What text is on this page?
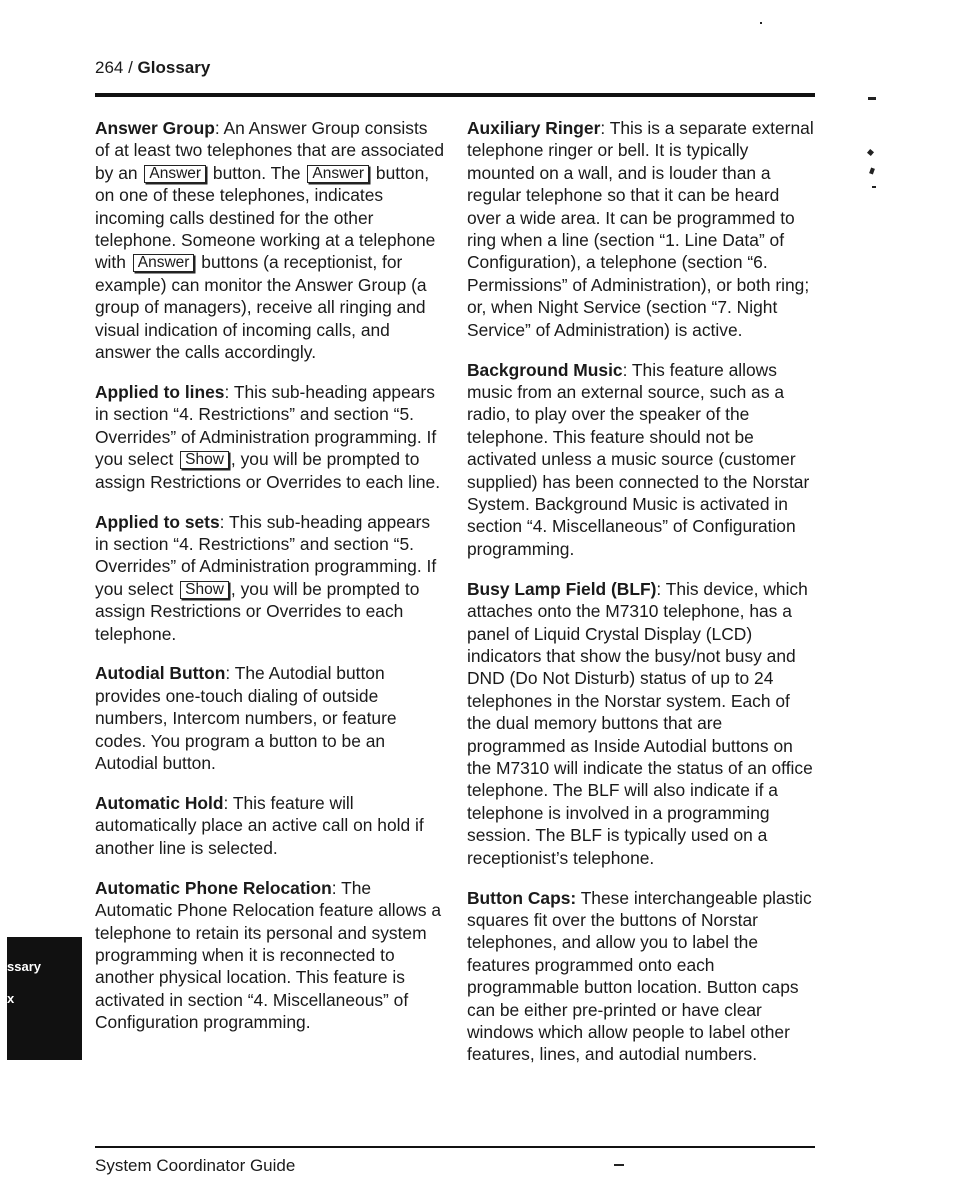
264 / Glossary

Answer Group: An Answer Group consists of at least two telephones that are associated by an Answer button. The Answer button, on one of these telephones, indicates incoming calls destined for the other telephone. Someone working at a telephone with Answer buttons (a receptionist, for example) can monitor the Answer Group (a group of managers), receive all ringing and visual indication of incoming calls, and answer the calls accordingly.

Applied to lines: This sub-heading appears in section “4. Restrictions” and section “5. Overrides” of Administration programming. If you select Show , you will be prompted to assign Restrictions or Overrides to each line.

Applied to sets: This sub-heading appears in section “4. Restrictions” and section “5. Overrides” of Administration programming. If you select Show , you will be prompted to assign Restrictions or Overrides to each telephone.

Autodial Button: The Autodial button provides one-touch dialing of outside numbers, Intercom numbers, or feature codes. You program a button to be an Autodial button.

Automatic Hold: This feature will automatically place an active call on hold if another line is selected.

Automatic Phone Relocation: The Automatic Phone Relocation feature allows a telephone to retain its personal and system programming when it is reconnected to another physical location. This feature is activated in section “4. Miscellaneous” of Configuration programming.

Auxiliary Ringer: This is a separate external telephone ringer or bell. It is typically mounted on a wall, and is louder than a regular telephone so that it can be heard over a wide area. It can be programmed to ring when a line (section “1. Line Data” of Configuration), a telephone (section “6. Permissions” of Administration), or both ring; or, when Night Service (section “7. Night Service” of Administration) is active.

Background Music: This feature allows music from an external source, such as a radio, to play over the speaker of the telephone. This feature should not be activated unless a music source (customer supplied) has been connected to the Norstar System. Background Music is activated in section “4. Miscellaneous” of Configuration programming.

Busy Lamp Field (BLF): This device, which attaches onto the M7310 telephone, has a panel of Liquid Crystal Display (LCD) indicators that show the busy/not busy and DND (Do Not Disturb) status of up to 24 telephones in the Norstar system. Each of the dual memory buttons that are programmed as Inside Autodial buttons on the M7310 will indicate the status of an office telephone. The BLF will also indicate if a telephone is involved in a programming session. The BLF is typically used on a receptionist’s telephone.

Button Caps: These interchangeable plastic squares fit over the buttons of Norstar telephones, and allow you to label the features programmed onto each programmable button location. Button caps can be either pre-printed or have clear windows which allow people to label other features, lines, and autodial numbers.

System Coordinator Guide
ssary
x
